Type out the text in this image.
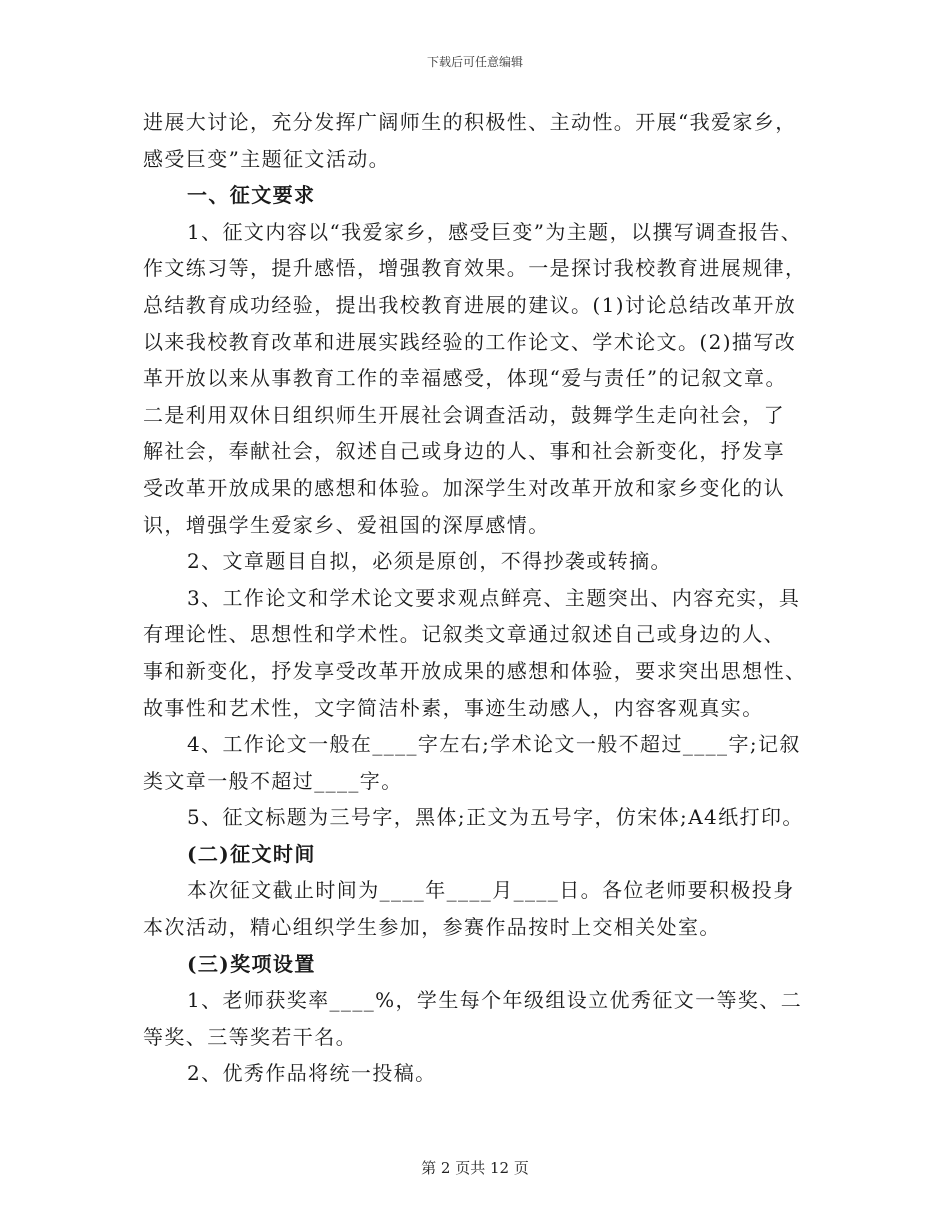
下载后可任意编辑
进展大讨论，充分发挥广阔师生的积极性、主动性。开展“我爱家乡，
感受巨变”主题征文活动。
一、征文要求
1、征文内容以“我爱家乡，感受巨变”为主题，以撰写调查报告、
作文练习等，提升感悟，增强教育效果。一是探讨我校教育进展规律，
总结教育成功经验，提出我校教育进展的建议。(1)讨论总结改革开放
以来我校教育改革和进展实践经验的工作论文、学术论文。(2)描写改
革开放以来从事教育工作的幸福感受，体现“爱与责任”的记叙文章。
二是利用双休日组织师生开展社会调查活动，鼓舞学生走向社会，了
解社会，奉献社会，叙述自己或身边的人、事和社会新变化，抒发享
受改革开放成果的感想和体验。加深学生对改革开放和家乡变化的认
识，增强学生爱家乡、爱祖国的深厚感情。
2、文章题目自拟，必须是原创，不得抄袭或转摘。
3、工作论文和学术论文要求观点鲜亮、主题突出、内容充实，具
有理论性、思想性和学术性。记叙类文章通过叙述自己或身边的人、
事和新变化，抒发享受改革开放成果的感想和体验，要求突出思想性、
故事性和艺术性，文字简洁朴素，事迹生动感人，内容客观真实。
4、工作论文一般在____字左右;学术论文一般不超过____字;记叙
类文章一般不超过____字。
5、征文标题为三号字，黑体;正文为五号字，仿宋体;A4纸打印。
(二)征文时间
本次征文截止时间为____年____月____日。各位老师要积极投身
本次活动，精心组织学生参加，参赛作品按时上交相关处室。
(三)奖项设置
1、老师获奖率____%，学生每个年级组设立优秀征文一等奖、二
等奖、三等奖若干名。
2、优秀作品将统一投稿。
第 2 页共 12 页
